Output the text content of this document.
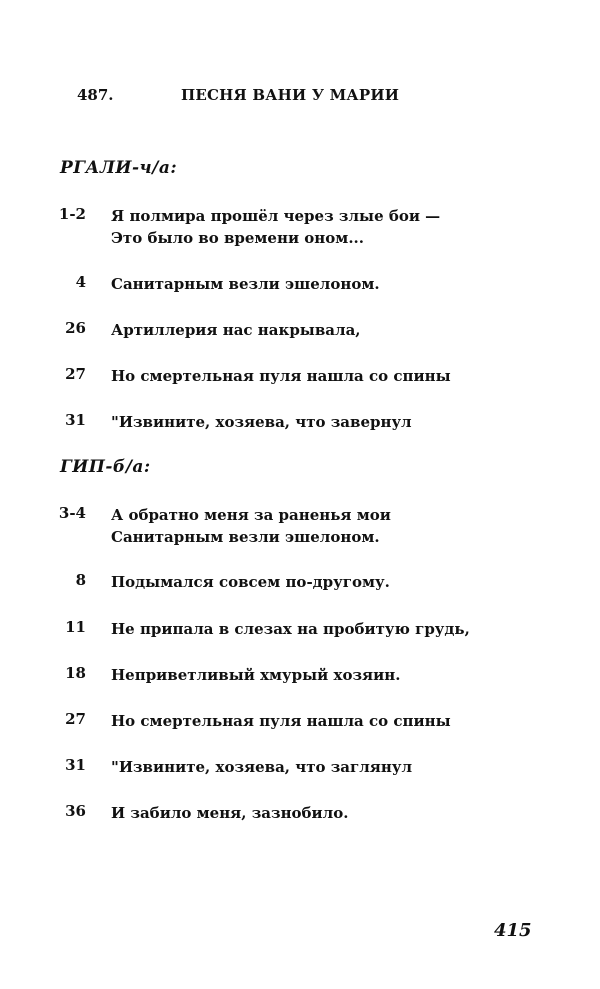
487.	ПЕСНЯ ВАНИ У МАРИИ
РГАЛИ-ч/а:
1-2 Я полмира прошёл через злые бои —
Это было во времени оном...
4 Санитарным везли эшелоном.
26 Артиллерия нас накрывала,
27 Но смертельная пуля нашла со спины
31 "Извините, хозяева, что завернул
ГИП-б/а:
3-4 А обратно меня за раненья мои
Санитарным везли эшелоном.
8 Подымался совсем по-другому.
11 Не припала в слезах на пробитую грудь,
18 Неприветливый хмурый хозяин.
27 Но смертельная пуля нашла со спины
31 "Извините, хозяева, что заглянул
36 И забило меня, зазнобило.
415
